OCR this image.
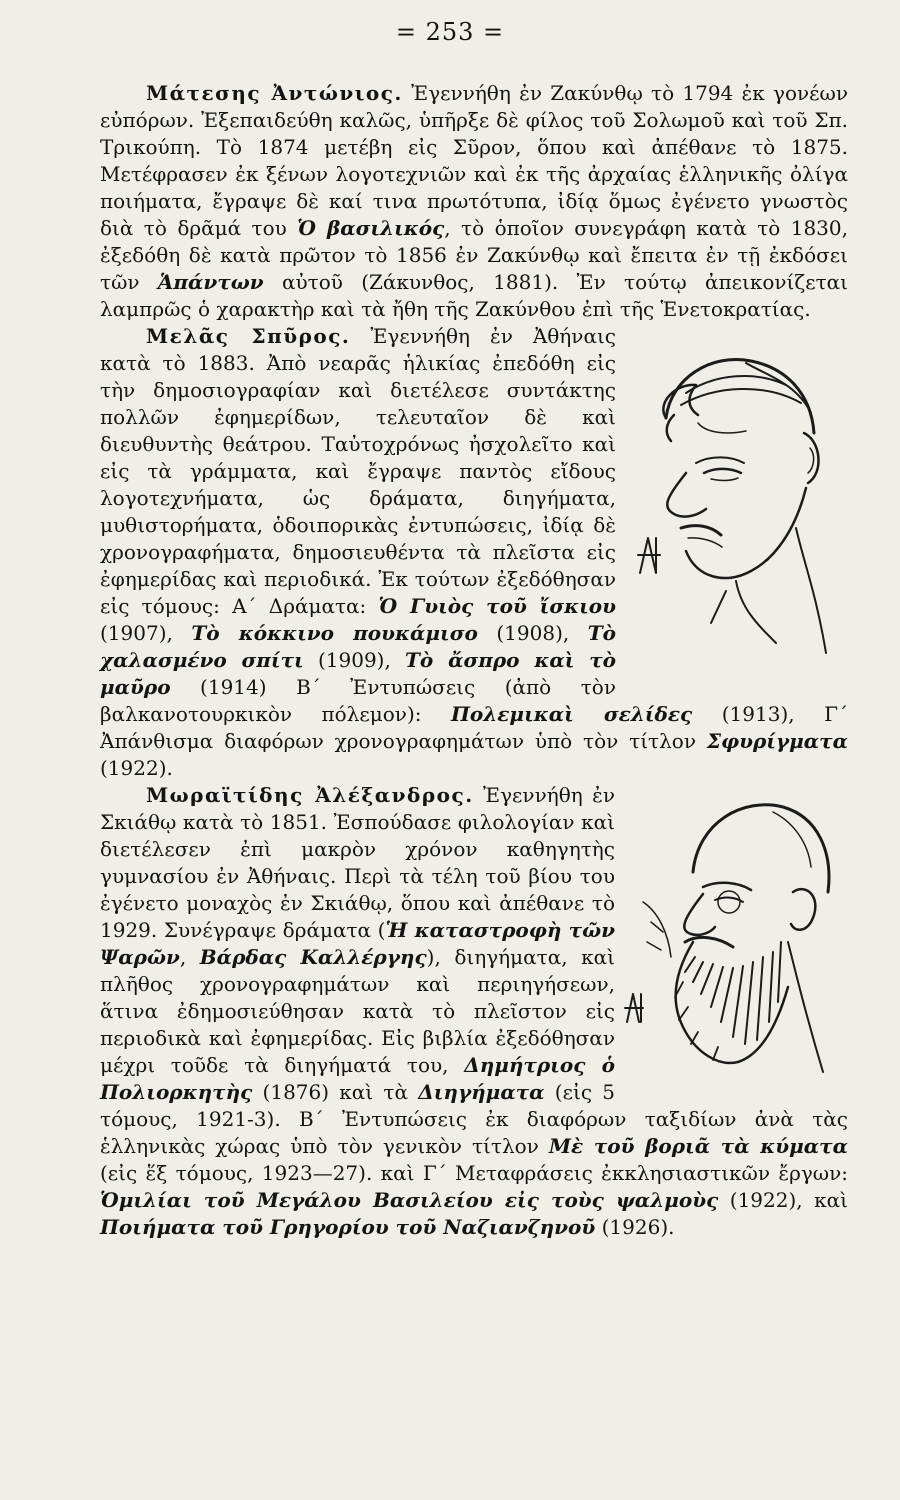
= 253 =

Μάτεσης Ἀντώνιος. Ἐγεννήθη ἐν Ζακύνθῳ τὸ 1794 ἐκ γονέων εὐπόρων. Ἐξεπαιδεύθη καλῶς, ὑπῆρξε δὲ φίλος τοῦ Σολωμοῦ καὶ τοῦ Σπ. Τρικούπη. Τὸ 1874 μετέβη εἰς Σῦρον, ὅπου καὶ ἀπέθανε τὸ 1875. Μετέφρασεν ἐκ ξένων λογοτεχνιῶν καὶ ἐκ τῆς ἀρχαίας ἑλληνικῆς ὀλίγα ποιήματα, ἔγραψε δὲ καί τινα πρωτότυπα, ἰδίᾳ ὅμως ἐγένετο γνωστὸς διὰ τὸ δρᾶμά του Ὁ βασιλικός, τὸ ὁποῖον συνεγράφη κατὰ τὸ 1830, ἐξεδόθη δὲ κατὰ πρῶτον τὸ 1856 ἐν Ζακύνθῳ καὶ ἔπειτα ἐν τῇ ἐκδόσει τῶν Ἁπάντων αὐτοῦ (Ζάκυνθος, 1881). Ἐν τούτῳ ἀπεικονίζεται λαμπρῶς ὁ χαρακτὴρ καὶ τὰ ἤθη τῆς Ζακύνθου ἐπὶ τῆς Ἑνετοκρατίας.

Μελᾶς Σπῦρος. Ἐγεννήθη ἐν Ἀθήναις κατὰ τὸ 1883. Ἀπὸ νεαρᾶς ἡλικίας ἐπεδόθη εἰς τὴν δημοσιογραφίαν καὶ διετέλεσε συντάκτης πολλῶν ἐφημερίδων, τελευταῖον δὲ καὶ διευθυντὴς θεάτρου. Ταὐτοχρόνως ἠσχολεῖτο καὶ εἰς τὰ γράμματα, καὶ ἔγραψε παντὸς εἴδους λογοτεχνήματα, ὡς δράματα, διηγήματα, μυθιστορήματα, ὁδοιπορικὰς ἐντυπώσεις, ἰδίᾳ δὲ χρονογραφήματα, δημοσιευθέντα τὰ πλεῖστα εἰς ἐφημερίδας καὶ περιοδικά. Ἐκ τούτων ἐξεδόθησαν εἰς τόμους: Α΄ Δράματα: Ὁ Γυιὸς τοῦ ἴσκιου (1907), Τὸ κόκκινο πουκάμισο (1908), Τὸ χαλασμένο σπίτι (1909), Τὸ ἄσπρο καὶ τὸ μαῦρο (1914) Β΄ Ἐντυπώσεις (ἀπὸ τὸν βαλκανοτουρκικὸν πόλεμον): Πολεμικαὶ σελίδες (1913), Γ΄ Ἀπάνθισμα διαφόρων χρονογραφημάτων ὑπὸ τὸν τίτλον Σφυρίγματα (1922).

Μωραϊτίδης Ἀλέξανδρος. Ἐγεννήθη ἐν Σκιάθῳ κατὰ τὸ 1851. Ἐσπούδασε φιλολογίαν καὶ διετέλεσεν ἐπὶ μακρὸν χρόνον καθηγητὴς γυμνασίου ἐν Ἀθήναις. Περὶ τὰ τέλη τοῦ βίου του ἐγένετο μοναχὸς ἐν Σκιάθῳ, ὅπου καὶ ἀπέθανε τὸ 1929. Συνέγραψε δράματα (Ἡ καταστροφὴ τῶν Ψαρῶν, Βάρδας Καλλέργης), διηγήματα, καὶ πλῆθος χρονογραφημάτων καὶ περιηγήσεων, ἅτινα ἐδημοσιεύθησαν κατὰ τὸ πλεῖστον εἰς περιοδικὰ καὶ ἐφημερίδας. Εἰς βιβλία ἐξεδόθησαν μέχρι τοῦδε τὰ διηγήματά του, Δημήτριος ὁ Πολιορκητὴς (1876) καὶ τὰ Διηγήματα (εἰς 5 τόμους, 1921-3). Β΄ Ἐντυπώσεις ἐκ διαφόρων ταξιδίων ἀνὰ τὰς ἑλληνικὰς χώρας ὑπὸ τὸν γενικὸν τίτλον Μὲ τοῦ βοριᾶ τὰ κύματα (εἰς ἕξ τόμους, 1923—27). καὶ Γ΄ Μεταφράσεις ἐκκλησιαστικῶν ἔργων: Ὁμιλίαι τοῦ Μεγάλου Βασιλείου εἰς τοὺς ψαλμοὺς (1922), καὶ Ποιήματα τοῦ Γρηγορίου τοῦ Ναζιανζηνοῦ (1926).
